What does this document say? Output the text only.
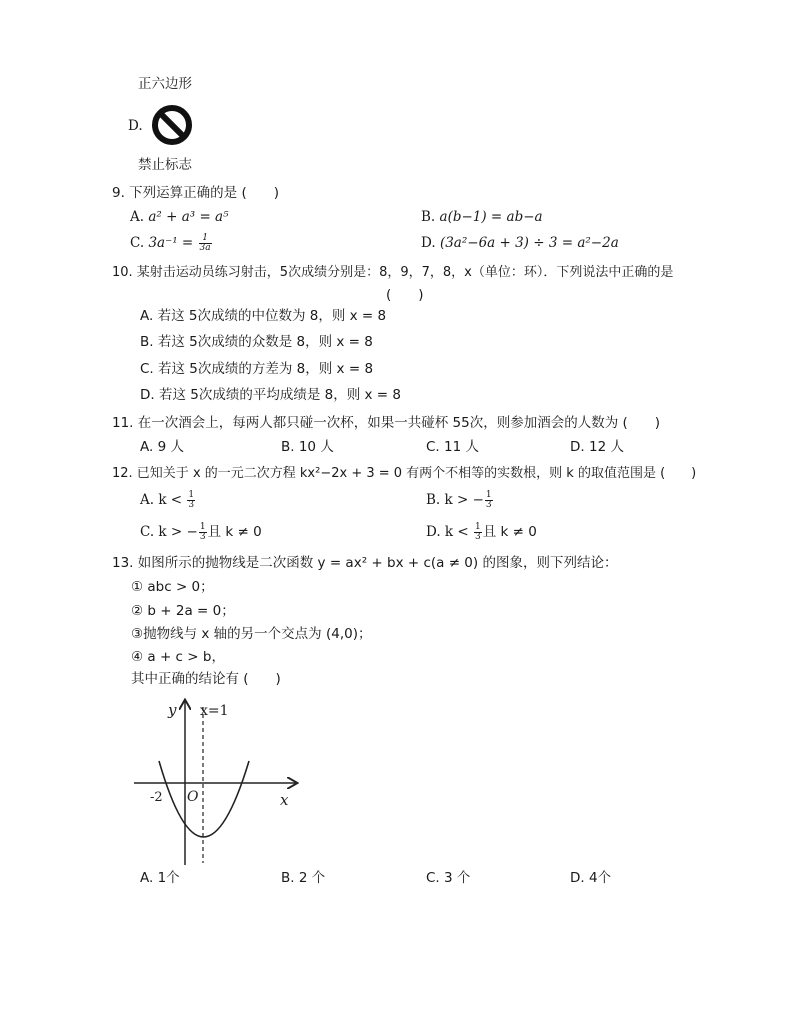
正六边形
D.
禁止标志
9. 下列运算正确的是 (　　)
A. a² + a³ = a⁵	B. a(b−1) = ab−a
C. $3a^{-1} = \frac{1}{3a}$	D. (3a²−6a + 3) ÷ 3 = a²−2a
10. 某射击运动员练习射击，5次成绩分别是：8，9，7，8，x（单位：环）．下列说法中正确的是
(　　)
A. 若这 5次成绩的中位数为 8，则 x = 8
B. 若这 5次成绩的众数是 8，则 x = 8
C. 若这 5次成绩的方差为 8，则 x = 8
D. 若这 5次成绩的平均成绩是 8，则 x = 8
11. 在一次酒会上，每两人都只碰一次杯，如果一共碰杯 55次，则参加酒会的人数为 (　　)
A. 9 人	B. 10 人	C. 11 人	D. 12 人
12. 已知关于 x 的一元二次方程 kx²−2x + 3 = 0 有两个不相等的实数根，则 k 的取值范围是 (　　)
A. $k < \frac{1}{3}$	B. k > − $\frac{1}{3}$
C. k > − $\frac{1}{3}$ 且 k ≠ 0	D. $k < \frac{1}{3}$ 且 k ≠ 0
13. 如图所示的抛物线是二次函数 y = ax² + bx + c(a ≠ 0) 的图象，则下列结论：
① abc > 0；
② b + 2a = 0；
③抛物线与 x 轴的另一个交点为 (4,0)；
④ a + c > b，
其中正确的结论有 (　　)
y x=1
x
O
-2
A. 1个	B. 2 个	C. 3 个	D. 4个
